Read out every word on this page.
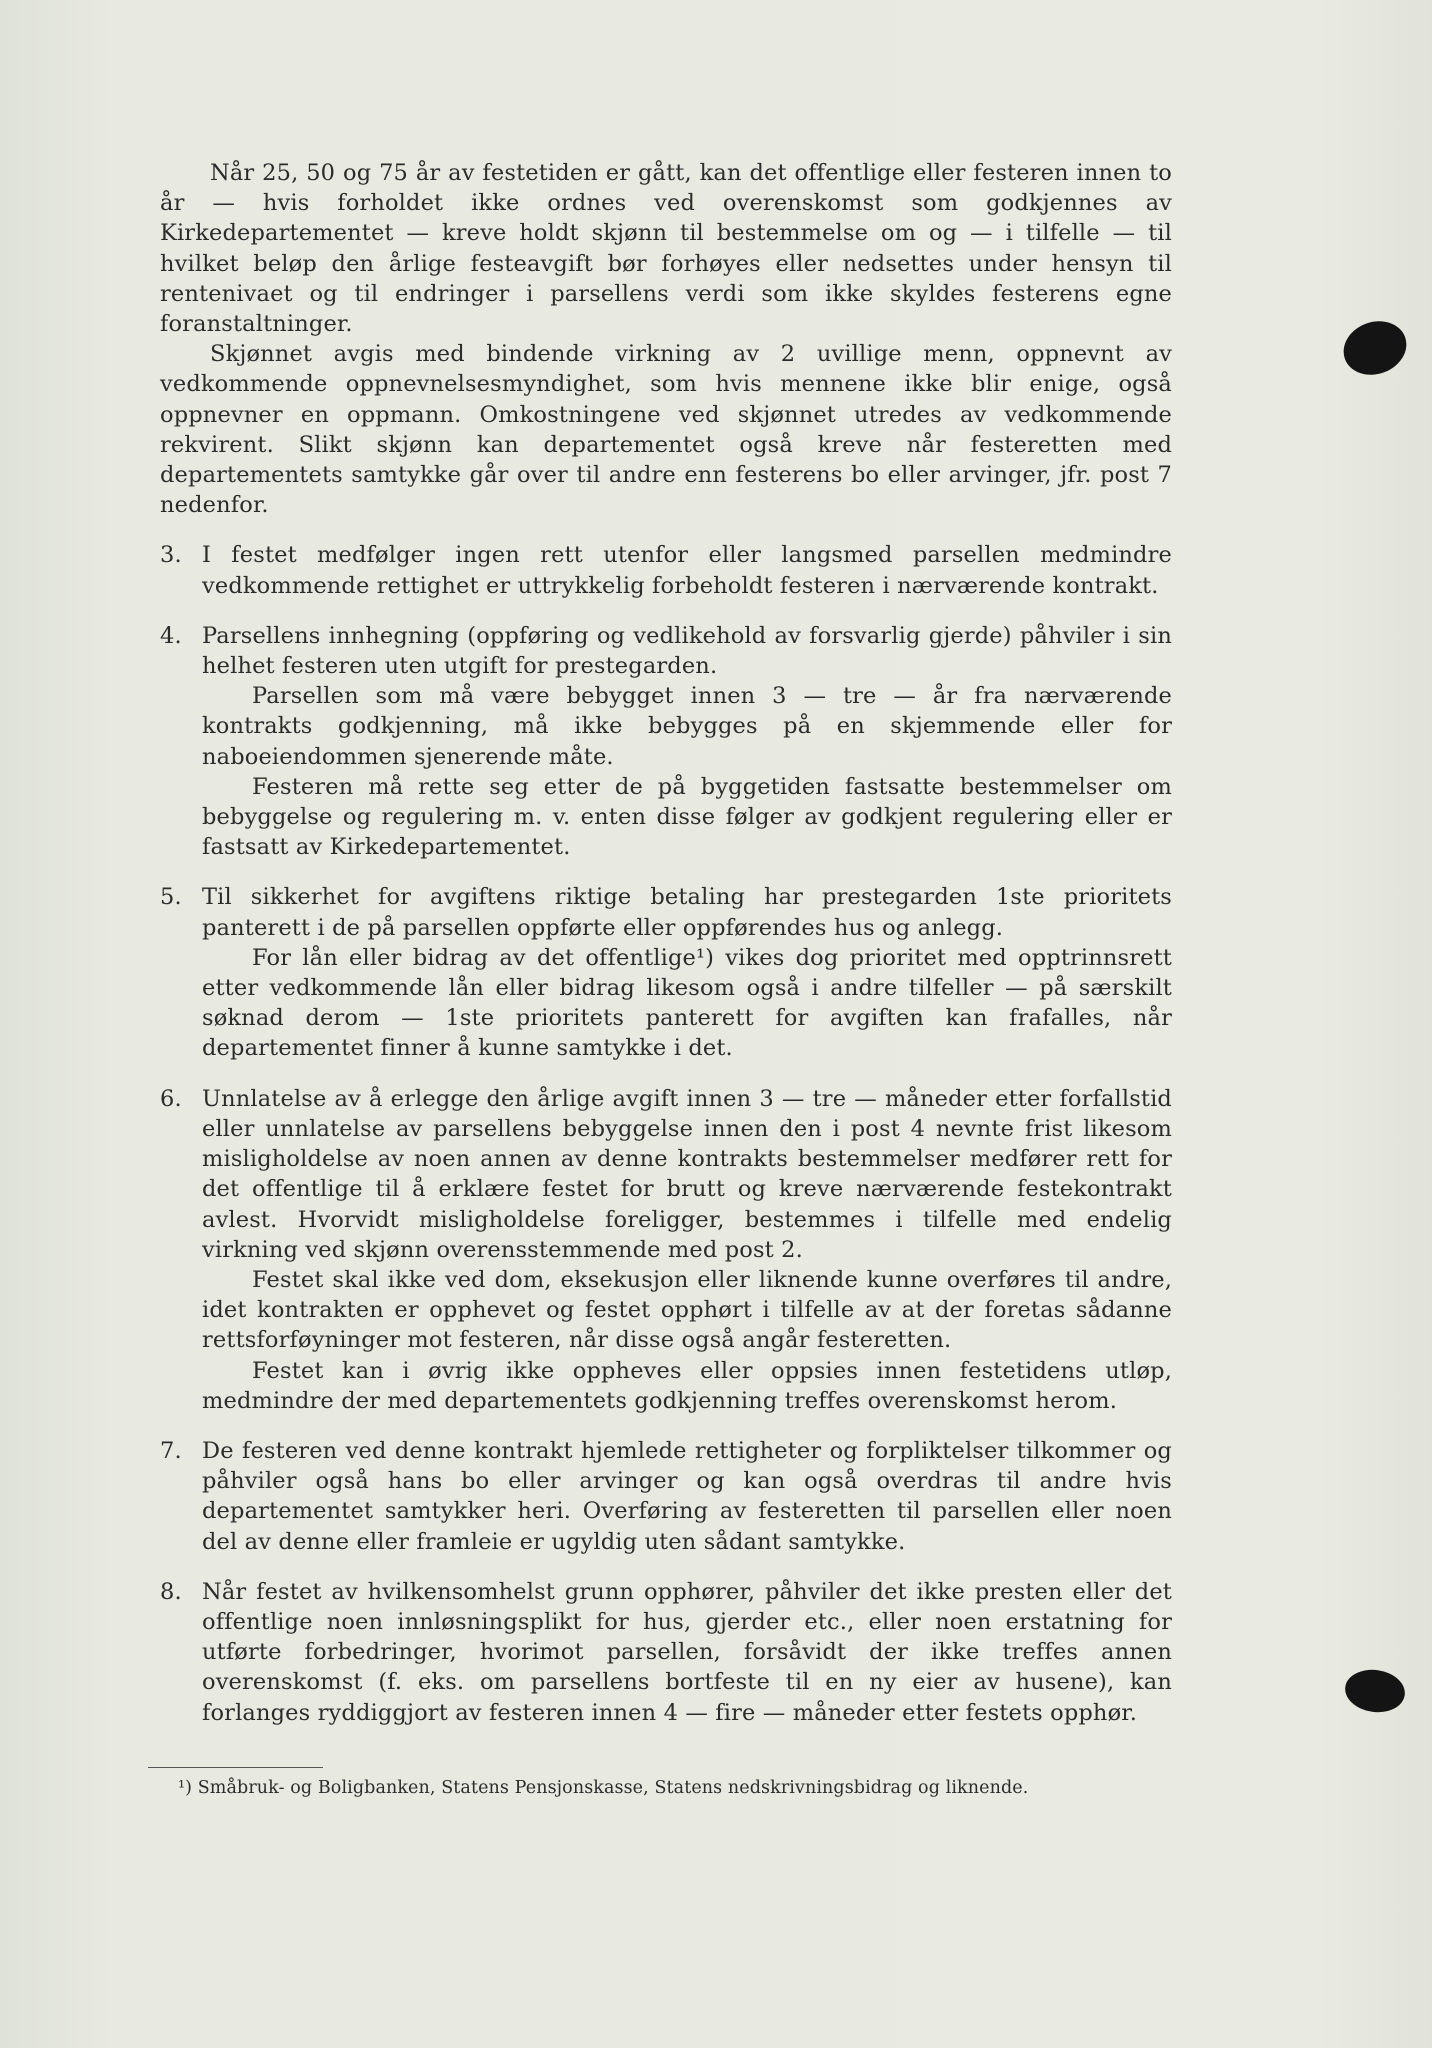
Når 25, 50 og 75 år av festetiden er gått, kan det offentlige eller festeren innen to år — hvis forholdet ikke ordnes ved overenskomst som godkjennes av Kirkedepartementet — kreve holdt skjønn til bestemmelse om og — i tilfelle — til hvilket beløp den årlige festeavgift bør forhøyes eller nedsettes under hensyn til rentenivaet og til endringer i parsellens verdi som ikke skyldes festerens egne foranstaltninger.

Skjønnet avgis med bindende virkning av 2 uvillige menn, oppnevnt av vedkommende oppnevnelsesmyndighet, som hvis mennene ikke blir enige, også oppnevner en oppmann. Omkostningene ved skjønnet utredes av vedkommende rekvirent. Slikt skjønn kan departementet også kreve når festeretten med departementets samtykke går over til andre enn festerens bo eller arvinger, jfr. post 7 nedenfor.

3. I festet medfølger ingen rett utenfor eller langsmed parsellen medmindre vedkommende rettighet er uttrykkelig forbeholdt festeren i nærværende kontrakt.

4. Parsellens innhegning (oppføring og vedlikehold av forsvarlig gjerde) påhviler i sin helhet festeren uten utgift for prestegarden.

Parsellen som må være bebygget innen 3 — tre — år fra nærværende kontrakts godkjenning, må ikke bebygges på en skjemmende eller for naboeiendommen sjenerende måte.

Festeren må rette seg etter de på byggetiden fastsatte bestemmelser om bebyggelse og regulering m. v. enten disse følger av godkjent regulering eller er fastsatt av Kirkedepartementet.

5. Til sikkerhet for avgiftens riktige betaling har prestegarden 1ste prioritets panterett i de på parsellen oppførte eller oppførendes hus og anlegg.

For lån eller bidrag av det offentlige¹) vikes dog prioritet med opptrinnsrett etter vedkommende lån eller bidrag likesom også i andre tilfeller — på særskilt søknad derom — 1ste prioritets panterett for avgiften kan frafalles, når departementet finner å kunne samtykke i det.

6. Unnlatelse av å erlegge den årlige avgift innen 3 — tre — måneder etter forfallstid eller unnlatelse av parsellens bebyggelse innen den i post 4 nevnte frist likesom misligholdelse av noen annen av denne kontrakts bestemmelser medfører rett for det offentlige til å erklære festet for brutt og kreve nærværende festekontrakt avlest. Hvorvidt misligholdelse foreligger, bestemmes i tilfelle med endelig virkning ved skjønn overensstemmende med post 2.

Festet skal ikke ved dom, eksekusjon eller liknende kunne overføres til andre, idet kontrakten er opphevet og festet opphørt i tilfelle av at der foretas sådanne rettsforføyninger mot festeren, når disse også angår festeretten.

Festet kan i øvrig ikke oppheves eller oppsies innen festetidens utløp, medmindre der med departementets godkjenning treffes overenskomst herom.

7. De festeren ved denne kontrakt hjemlede rettigheter og forpliktelser tilkommer og påhviler også hans bo eller arvinger og kan også overdras til andre hvis departementet samtykker heri. Overføring av festeretten til parsellen eller noen del av denne eller framleie er ugyldig uten sådant samtykke.

8. Når festet av hvilkensomhelst grunn opphører, påhviler det ikke presten eller det offentlige noen innløsningsplikt for hus, gjerder etc., eller noen erstatning for utførte forbedringer, hvorimot parsellen, forsåvidt der ikke treffes annen overenskomst (f. eks. om parsellens bortfeste til en ny eier av husene), kan forlanges ryddiggjort av festeren innen 4 — fire — måneder etter festets opphør.

¹) Småbruk- og Boligbanken, Statens Pensjonskasse, Statens nedskrivningsbidrag og liknende.
